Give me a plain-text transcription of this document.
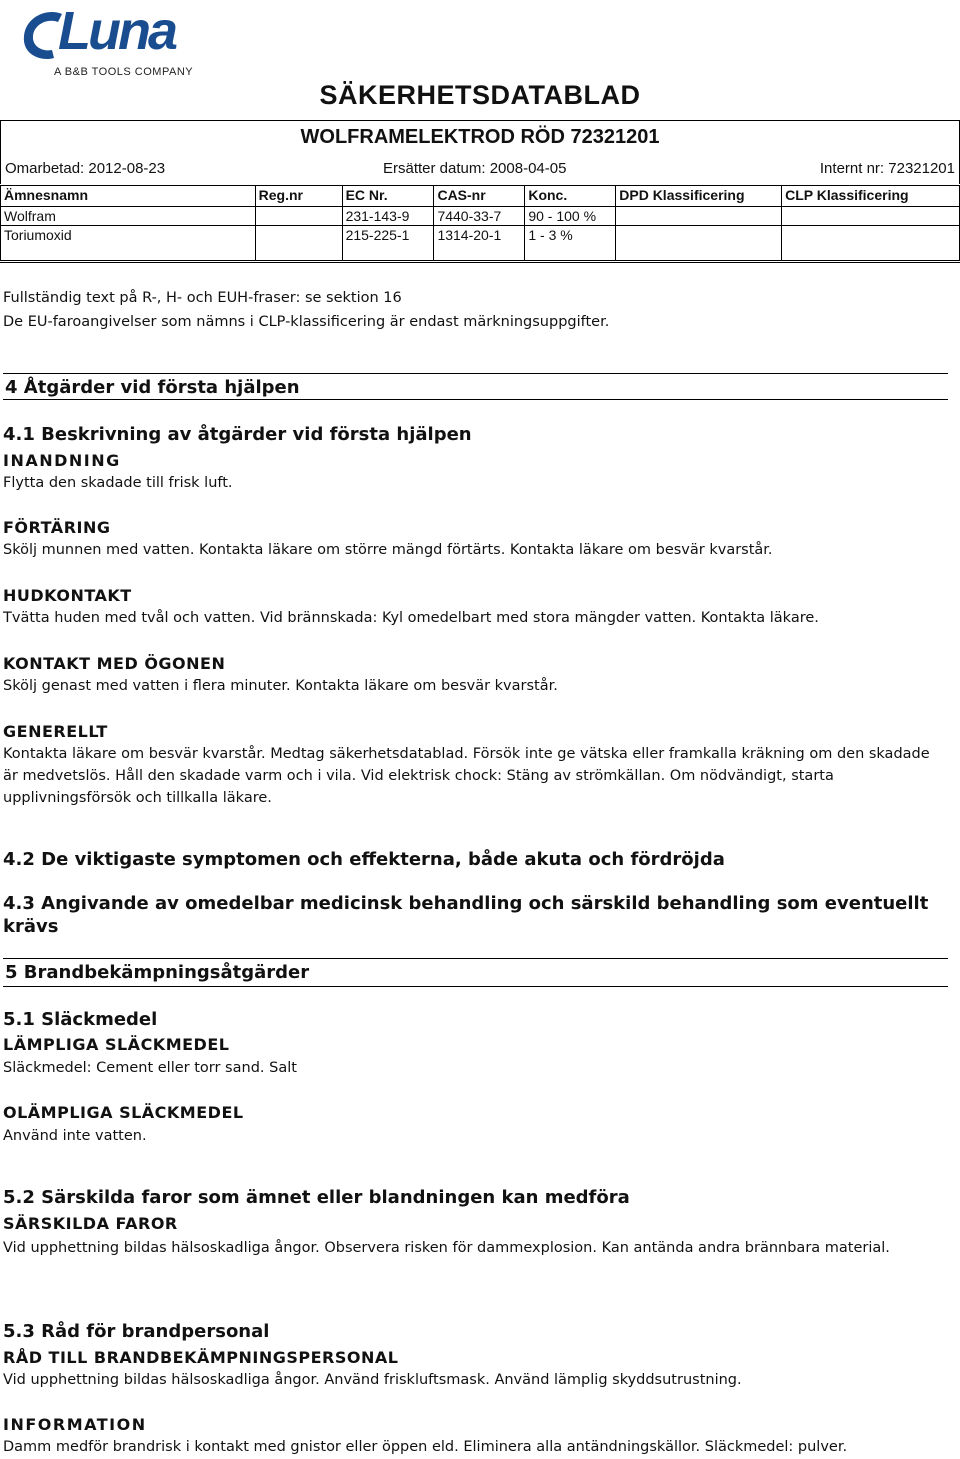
Luna
A B&B TOOLS COMPANY
SÄKERHETSDATABLAD
WOLFRAMELEKTROD RÖD 72321201
Omarbetad: 2012-08-23	Ersätter datum: 2008-04-05	Internt nr: 72321201
Ämnesnamn	Reg.nr	EC Nr.	CAS-nr	Konc.	DPD Klassificering	CLP Klassificering
Wolfram		231-143-9	7440-33-7	90 - 100 %		
Toriumoxid		215-225-1	1314-20-1	1 - 3 %		
Fullständig text på R-, H- och EUH-fraser: se sektion 16
De EU-faroangivelser som nämns i CLP-klassificering är endast märkningsuppgifter.
4 Åtgärder vid första hjälpen
4.1 Beskrivning av åtgärder vid första hjälpen
INANDNING
Flytta den skadade till frisk luft.
FÖRTÄRING
Skölj munnen med vatten. Kontakta läkare om större mängd förtärts. Kontakta läkare om besvär kvarstår.
HUDKONTAKT
Tvätta huden med tvål och vatten. Vid brännskada: Kyl omedelbart med stora mängder vatten. Kontakta läkare.
KONTAKT MED ÖGONEN
Skölj genast med vatten i flera minuter. Kontakta läkare om besvär kvarstår.
GENERELLT
Kontakta läkare om besvär kvarstår. Medtag säkerhetsdatablad. Försök inte ge vätska eller framkalla kräkning om den skadade är medvetslös. Håll den skadade varm och i vila. Vid elektrisk chock: Stäng av strömkällan. Om nödvändigt, starta upplivningsförsök och tillkalla läkare.
4.2 De viktigaste symptomen och effekterna, både akuta och fördröjda
4.3 Angivande av omedelbar medicinsk behandling och särskild behandling som eventuellt krävs
5 Brandbekämpningsåtgärder
5.1 Släckmedel
LÄMPLIGA SLÄCKMEDEL
Släckmedel: Cement eller torr sand. Salt
OLÄMPLIGA SLÄCKMEDEL
Använd inte vatten.
5.2 Särskilda faror som ämnet eller blandningen kan medföra
SÄRSKILDA FAROR
Vid upphettning bildas hälsoskadliga ångor. Observera risken för dammexplosion. Kan antända andra brännbara material.
5.3 Råd för brandpersonal
RÅD TILL BRANDBEKÄMPNINGSPERSONAL
Vid upphettning bildas hälsoskadliga ångor. Använd friskluftsmask. Använd lämplig skyddsutrustning.
INFORMATION
Damm medför brandrisk i kontakt med gnistor eller öppen eld. Eliminera alla antändningskällor. Släckmedel: pulver.
